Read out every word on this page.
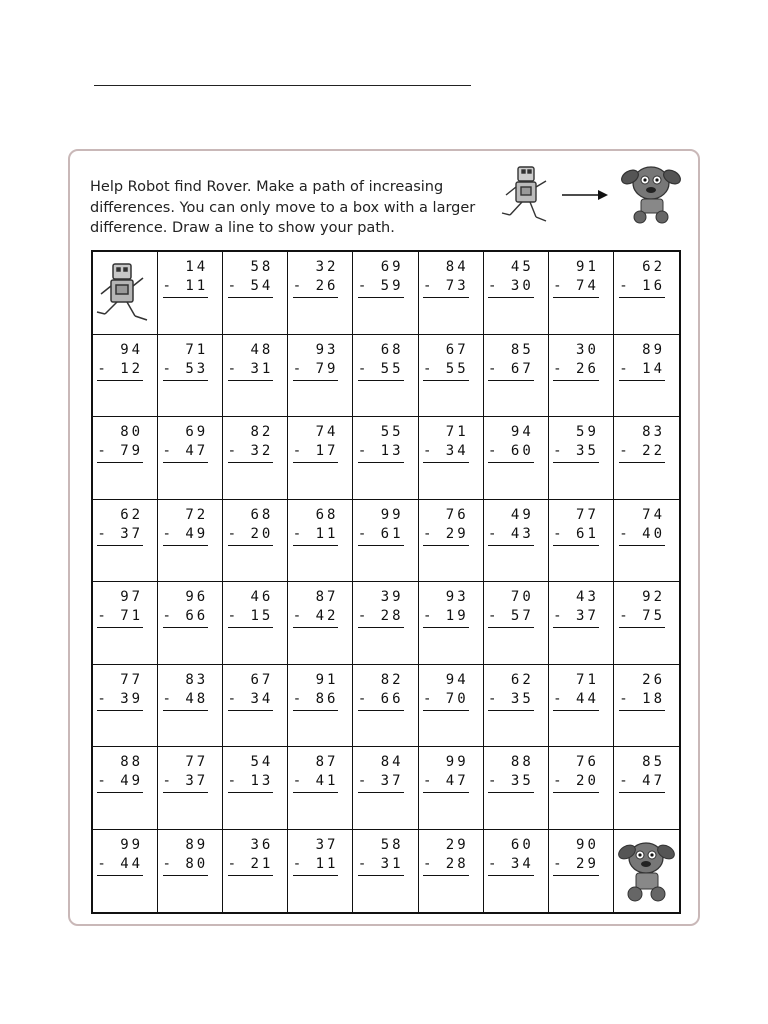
Help Robot find Rover. Make a path of increasing differences. You can only move to a box with a larger difference. Draw a line to show your path.
14
- 11
58
- 54
32
- 26
69
- 59
84
- 73
45
- 30
91
- 74
62
- 16
94
- 12
71
- 53
48
- 31
93
- 79
68
- 55
67
- 55
85
- 67
30
- 26
89
- 14
80
- 79
69
- 47
82
- 32
74
- 17
55
- 13
71
- 34
94
- 60
59
- 35
83
- 22
62
- 37
72
- 49
68
- 20
68
- 11
99
- 61
76
- 29
49
- 43
77
- 61
74
- 40
97
- 71
96
- 66
46
- 15
87
- 42
39
- 28
93
- 19
70
- 57
43
- 37
92
- 75
77
- 39
83
- 48
67
- 34
91
- 86
82
- 66
94
- 70
62
- 35
71
- 44
26
- 18
88
- 49
77
- 37
54
- 13
87
- 41
84
- 37
99
- 47
88
- 35
76
- 20
85
- 47
99
- 44
89
- 80
36
- 21
37
- 11
58
- 31
29
- 28
60
- 34
90
- 29
